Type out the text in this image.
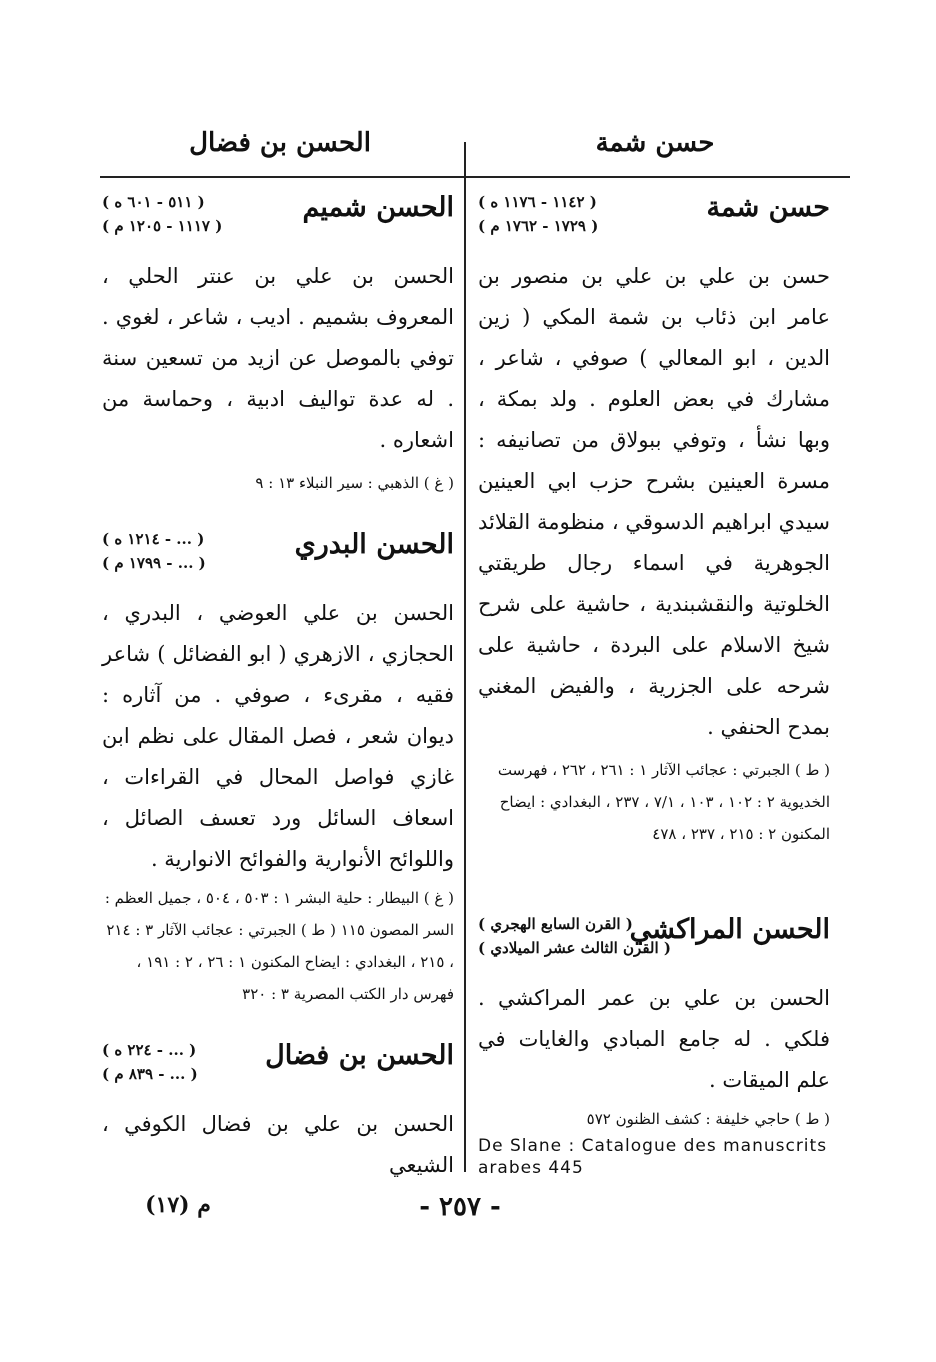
حسن شمة
الحسن بن فضال
حسن شمة
( ١١٤٢ - ١١٧٦ ه )
( ١٧٢٩ - ١٧٦٢ م )
حسن بن علي بن علي بن منصور بن عامر ابن ذئاب بن شمة المكي ( زين الدين ، ابو المعالي ) صوفي ، شاعر ، مشارك في بعض العلوم . ولد بمكة ، وبها نشأ ، وتوفي ببولاق من تصانيفه : مسرة العينين بشرح حزب ابي العينين سيدي ابراهيم الدسوقي ، منظومة القلائد الجوهرية في اسماء رجال طريقتي الخلوتية والنقشبندية ، حاشية على شرح شيخ الاسلام على البردة ، حاشية على شرحه على الجزرية ، والفيض المغني بمدح الحنفي .
( ط ) الجبرتي : عجائب الآثار ١ : ٢٦١ ، ٢٦٢ ، فهرست الخديوية ٢ : ١٠٢ ، ١٠٣ ، ٧/١ ، ٢٣٧ ، البغدادي : ايضاح المكنون ٢ : ٢١٥ ، ٢٣٧ ، ٤٧٨
الحسن المراكشي
( القرن السابع الهجري )
( القرن الثالث عشر الميلادي )
الحسن بن علي بن عمر المراكشي . فلكي . له جامع المبادي والغايات في علم الميقات .
( ط ) حاجي خليفة : كشف الظنون ٥٧٢
De Slane : Catalogue des manuscrits arabes 445
الحسن شميم
( ٥١١ - ٦٠١ ه )
( ١١١٧ - ١٢٠٥ م )
الحسن بن علي بن عنتر الحلي ، المعروف بشميم . اديب ، شاعر ، لغوي . توفي بالموصل عن ازيد من تسعين سنة . له عدة تواليف ادبية ، وحماسة من اشعاره .
( غ ) الذهبي : سير النبلاء ١٣ : ٩
الحسن البدري
( ... - ١٢١٤ ه )
( ... - ١٧٩٩ م )
الحسن بن علي العوضي ، البدري ، الحجازي ، الازهري ( ابو الفضائل ) شاعر فقيه ، مقرىء ، صوفي . من آثاره : ديوان شعر ، فصل المقال على نظم ابن غازي فواصل المحال في القراءات ، اسعاف السائل ورد تعسف الصائل ، واللوائح الأنوارية والفوائح الانوارية .
( غ ) البيطار : حلية البشر ١ : ٥٠٣ ، ٥٠٤ ، جميل العظم : السر المصون ١١٥ ( ط ) الجبرتي : عجائب الآثار ٣ : ٢١٤ ، ٢١٥ ، البغدادي : ايضاح المكنون ١ : ٢٦ ، ٢ : ١٩١ ، فهرس دار الكتب المصرية ٣ : ٣٢٠
الحسن بن فضال
( ... - ٢٢٤ ه )
( ... - ٨٣٩ م )
الحسن بن علي بن فضال الكوفي ، الشيعي
- ٢٥٧ -
م (١٧)
